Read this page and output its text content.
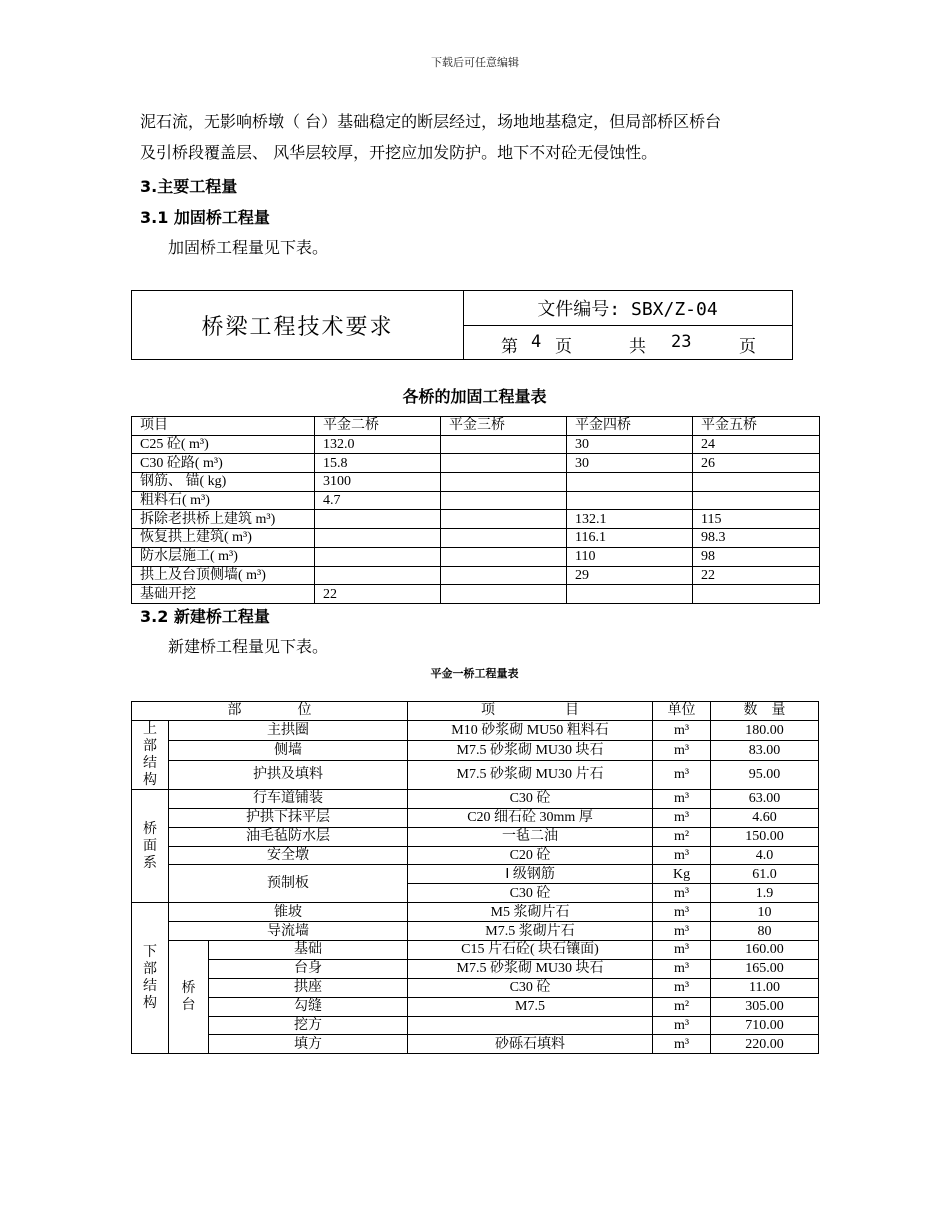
下载后可任意编辑
泥石流，无影响桥墩（ 台）基础稳定的断层经过，场地地基稳定，但局部桥区桥台
及引桥段覆盖层、 风华层较厚，开挖应加发防护。地下不对砼无侵蚀性。
3.主要工程量
3.1 加固桥工程量
加固桥工程量见下表。
桥梁工程技术要求
文件编号: SBX/Z-04
第 4 页	共 23	页
各桥的加固工程量表
项目	平金二桥	平金三桥	平金四桥	平金五桥
C25 砼( m³)	132.0		30	24
C30 砼路( m³)	15.8		30	26
钢筋、 锚( kg)	3100			
粗料石( m³)	4.7			
拆除老拱桥上建筑 m³)			132.1	115
恢复拱上建筑( m³)			116.1	98.3
防水层施工( m³)			110	98
拱上及台顶侧墙( m³)			29	22
基础开挖	22			
3.2 新建桥工程量
新建桥工程量见下表。
平金一桥工程量表
部　　　　位			项　　　　　目	单位	数　量

上部结构	主拱圈		M10 砂浆砌 MU50 粗料石	m³	180.00
	侧墙		M7.5 砂浆砌 MU30 块石	m³	83.00
	护拱及填料		M7.5 砂浆砌 MU30 片石	m³	95.00

桥面系	行车道铺装		C30 砼	m³	63.00
	护拱下抹平层		C20 细石砼 30mm 厚	m³	4.60
	油毛毡防水层		一毡二油	m²	150.00
	安全墩		C20 砼	m³	4.0
	预制板		Ⅰ 级钢筋	Kg	61.0
			C30 砼	m³	1.9

下部结构	锥坡		M5 浆砌片石	m³	10
	导流墙		M7.5 浆砌片石	m³	80

	桥台	基础	C15 片石砼( 块石镶面)	m³	160.00
		台身	M7.5 砂浆砌 MU30 块石	m³	165.00
		拱座	C30 砼	m³	11.00
		勾缝	M7.5	m²	305.00
		挖方		m³	710.00
		填方	砂砾石填料	m³	220.00
